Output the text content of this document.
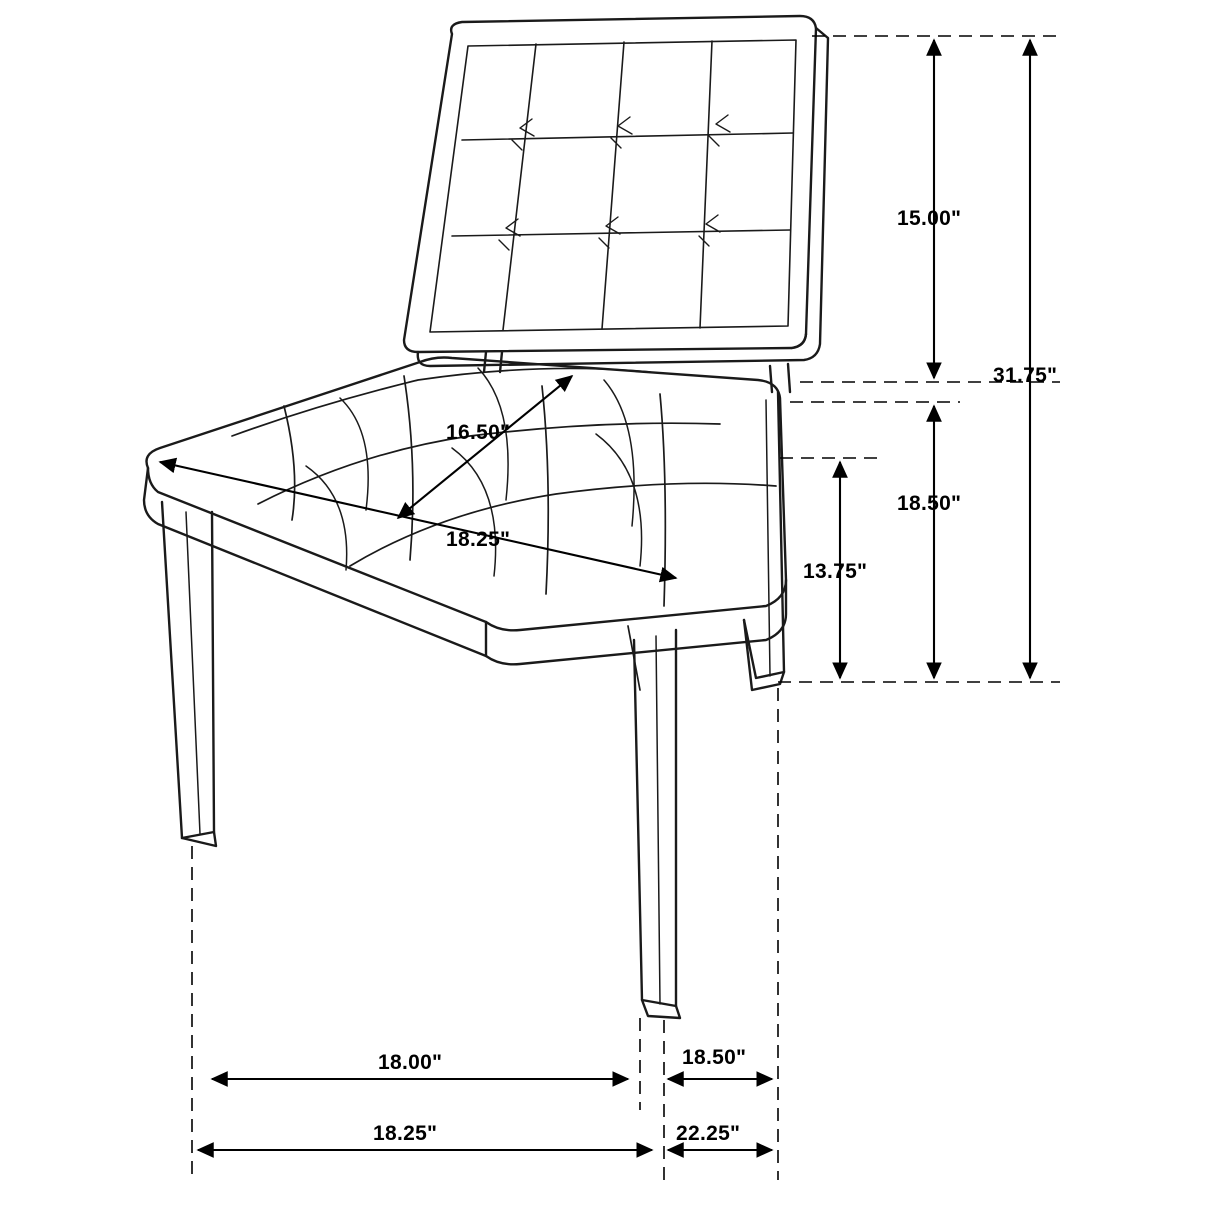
15.00"
31.75"
16.50"
18.25"
18.50"
13.75"
18.00"	18.50"
18.25"	22.25"
